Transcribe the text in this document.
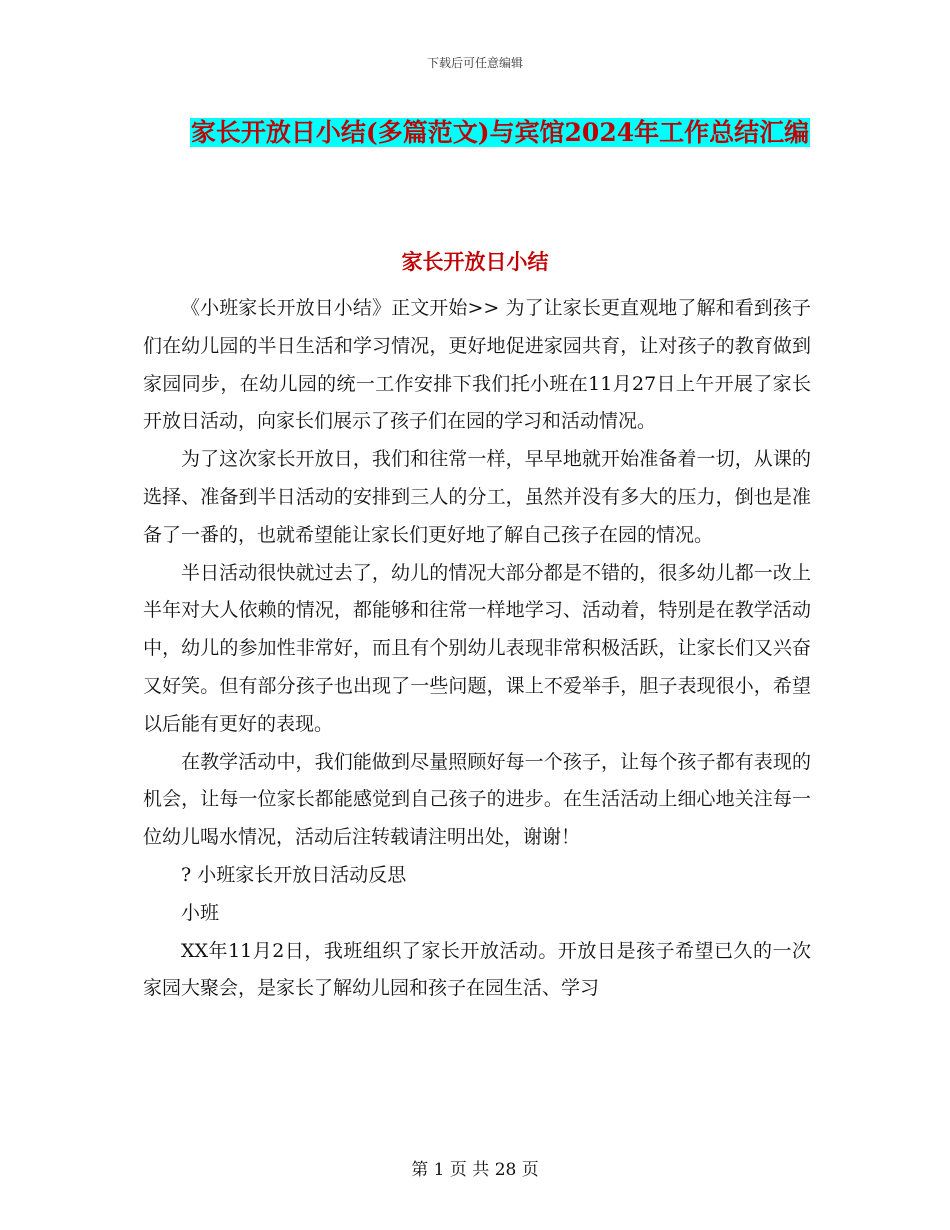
下载后可任意编辑
家长开放日小结(多篇范文)与宾馆2024年工作总结汇编
家长开放日小结

《小班家长开放日小结》正文开始>> 为了让家长更直观地了解和看到孩子们在幼儿园的半日生活和学习情况，更好地促进家园共育，让对孩子的教育做到家园同步，在幼儿园的统一工作安排下我们托小班在11月27日上午开展了家长开放日活动，向家长们展示了孩子们在园的学习和活动情况。

为了这次家长开放日，我们和往常一样，早早地就开始准备着一切，从课的选择、准备到半日活动的安排到三人的分工，虽然并没有多大的压力，倒也是准备了一番的，也就希望能让家长们更好地了解自己孩子在园的情况。

半日活动很快就过去了，幼儿的情况大部分都是不错的，很多幼儿都一改上半年对大人依赖的情况，都能够和往常一样地学习、活动着，特别是在教学活动中，幼儿的参加性非常好，而且有个别幼儿表现非常积极活跃，让家长们又兴奋又好笑。但有部分孩子也出现了一些问题，课上不爱举手，胆子表现很小，希望以后能有更好的表现。

在教学活动中，我们能做到尽量照顾好每一个孩子，让每个孩子都有表现的机会，让每一位家长都能感觉到自己孩子的进步。在生活活动上细心地关注每一位幼儿喝水情况，活动后注转载请注明出处，谢谢！

? 小班家长开放日活动反思

小班

XX年11月2日，我班组织了家长开放活动。开放日是孩子希望已久的一次家园大聚会，是家长了解幼儿园和孩子在园生活、学习

第 1 页 共 28 页
